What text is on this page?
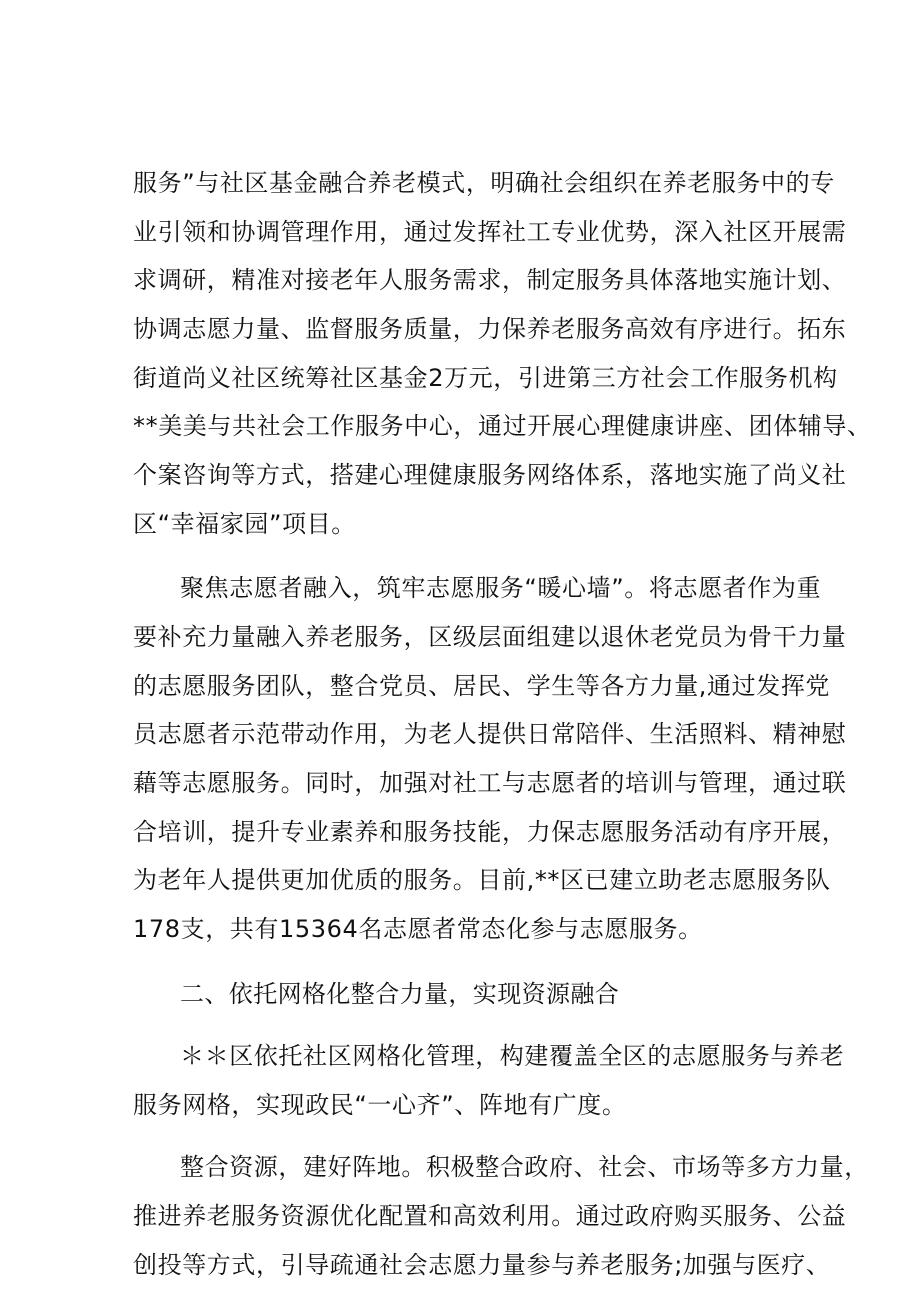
服务”与社区基金融合养老模式，明确社会组织在养老服务中的专
业引领和协调管理作用，通过发挥社工专业优势，深入社区开展需
求调研，精准对接老年人服务需求，制定服务具体落地实施计划、
协调志愿力量、监督服务质量，力保养老服务高效有序进行。拓东
街道尚义社区统筹社区基金2万元，引进第三方社会工作服务机构
**美美与共社会工作服务中心，通过开展心理健康讲座、团体辅导、
个案咨询等方式，搭建心理健康服务网络体系，落地实施了尚义社
区“幸福家园”项目。
聚焦志愿者融入，筑牢志愿服务“暖心墙”。将志愿者作为重
要补充力量融入养老服务，区级层面组建以退休老党员为骨干力量
的志愿服务团队，整合党员、居民、学生等各方力量,通过发挥党
员志愿者示范带动作用，为老人提供日常陪伴、生活照料、精神慰
藉等志愿服务。同时，加强对社工与志愿者的培训与管理，通过联
合培训，提升专业素养和服务技能，力保志愿服务活动有序开展，
为老年人提供更加优质的服务。目前,**区已建立助老志愿服务队
178支，共有15364名志愿者常态化参与志愿服务。
二、依托网格化整合力量，实现资源融合
＊＊区依托社区网格化管理，构建覆盖全区的志愿服务与养老
服务网格，实现政民“一心齐”、阵地有广度。
整合资源，建好阵地。积极整合政府、社会、市场等多方力量，
推进养老服务资源优化配置和高效利用。通过政府购买服务、公益
创投等方式，引导疏通社会志愿力量参与养老服务;加强与医疗、
